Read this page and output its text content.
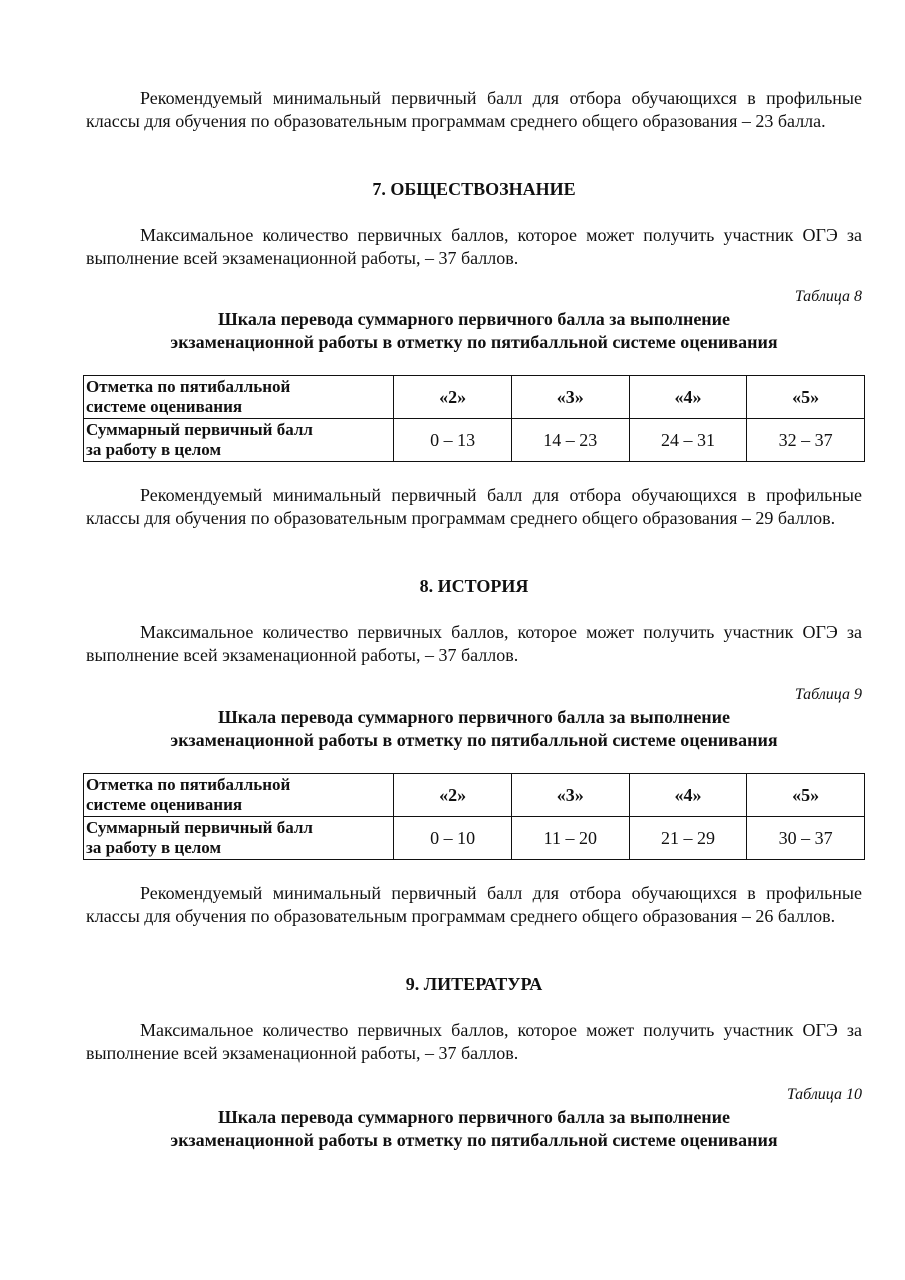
Рекомендуемый минимальный первичный балл для отбора обучающихся в профильные классы для обучения по образовательным программам среднего общего образования – 23 балла.

7. ОБЩЕСТВОЗНАНИЕ

Максимальное количество первичных баллов, которое может получить участник ОГЭ за выполнение всей экзаменационной работы, – 37 баллов.

Таблица 8
Шкала перевода суммарного первичного балла за выполнение
экзаменационной работы в отметку по пятибалльной системе оценивания
Отметка по пятибалльной
системе оценивания	«2»	«3»	«4»	«5»

Суммарный первичный балл
за работу в целом	0 – 13	14 – 23	24 – 31	32 – 37

Рекомендуемый минимальный первичный балл для отбора обучающихся в профильные классы для обучения по образовательным программам среднего общего образования – 29 баллов.

8. ИСТОРИЯ

Максимальное количество первичных баллов, которое может получить участник ОГЭ за выполнение всей экзаменационной работы, – 37 баллов.

Таблица 9
Шкала перевода суммарного первичного балла за выполнение
экзаменационной работы в отметку по пятибалльной системе оценивания
Отметка по пятибалльной
системе оценивания	«2»	«3»	«4»	«5»

Суммарный первичный балл
за работу в целом	0 – 10	11 – 20	21 – 29	30 – 37

Рекомендуемый минимальный первичный балл для отбора обучающихся в профильные классы для обучения по образовательным программам среднего общего образования – 26 баллов.

9. ЛИТЕРАТУРА

Максимальное количество первичных баллов, которое может получить участник ОГЭ за выполнение всей экзаменационной работы, – 37 баллов.

Таблица 10
Шкала перевода суммарного первичного балла за выполнение
экзаменационной работы в отметку по пятибалльной системе оценивания
